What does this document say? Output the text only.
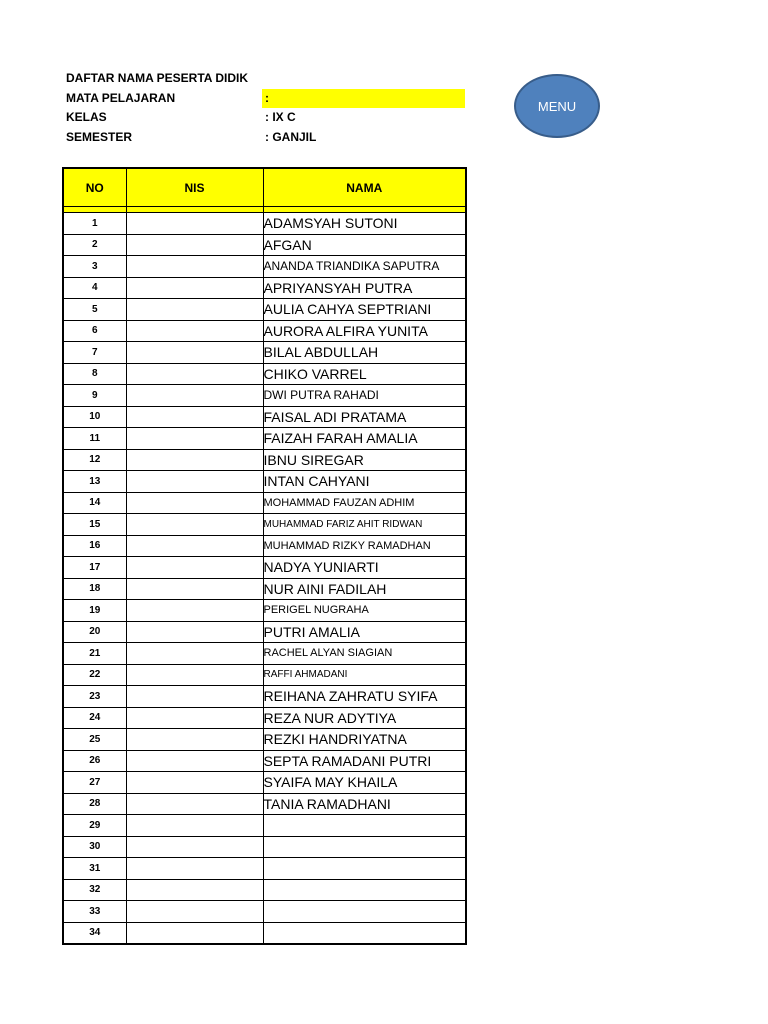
DAFTAR NAMA PESERTA DIDIK
MATA PELAJARAN	:
KELAS	: IX C
SEMESTER	: GANJIL
MENU
NO	NIS	NAMA

1		ADAMSYAH SUTONI
2		AFGAN
3		ANANDA TRIANDIKA SAPUTRA
4		APRIYANSYAH PUTRA
5		AULIA CAHYA SEPTRIANI
6		AURORA ALFIRA YUNITA
7		BILAL ABDULLAH
8		CHIKO VARREL
9		DWI PUTRA RAHADI
10		FAISAL ADI PRATAMA
11		FAIZAH FARAH AMALIA
12		IBNU SIREGAR
13		INTAN CAHYANI
14		MOHAMMAD FAUZAN ADHIM
15		MUHAMMAD FARIZ AHIT RIDWAN
16		MUHAMMAD RIZKY RAMADHAN
17		NADYA YUNIARTI
18		NUR AINI FADILAH
19		PERIGEL NUGRAHA
20		PUTRI AMALIA
21		RACHEL ALYAN SIAGIAN
22		RAFFI AHMADANI
23		REIHANA ZAHRATU SYIFA
24		REZA NUR ADYTIYA
25		REZKI HANDRIYATNA
26		SEPTA RAMADANI PUTRI
27		SYAIFA MAY KHAILA
28		TANIA RAMADHANI
29		
30		
31		
32		
33		
34		
